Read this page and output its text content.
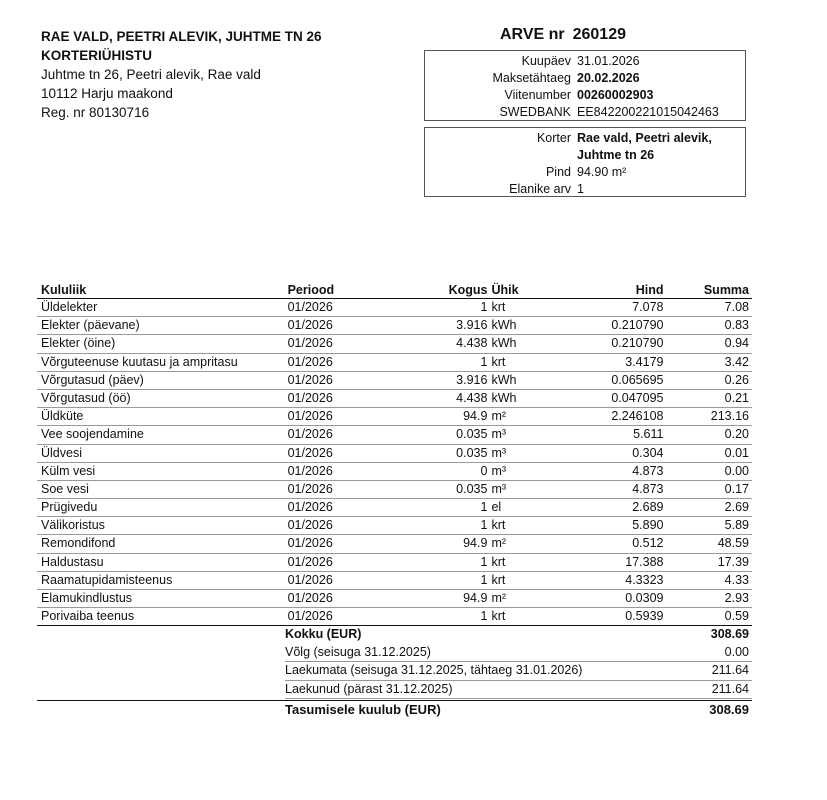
RAE VALD, PEETRI ALEVIK, JUHTME TN 26
KORTERIÜHISTU
Juhtme tn 26, Peetri alevik, Rae vald
10112 Harju maakond
Reg. nr 80130716
ARVE nr 260129
Kuupäev 31.01.2026
Maksetähtaeg 20.02.2026
Viitenumber 00260002903
SWEDBANK EE842200221015042463
Korter Rae vald, Peetri alevik,
Juhtme tn 26
Pind 94.90 m²
Elanike arv 1
Kululiik	Periood	Kogus Ühik	Hind	Summa
Üldelekter	01/2026	1 krt	7.078	7.08
Elekter (päevane)	01/2026	3.916 kWh	0.210790	0.83
Elekter (öine)	01/2026	4.438 kWh	0.210790	0.94
Võrguteenuse kuutasu ja ampritasu	01/2026	1 krt	3.4179	3.42
Võrgutasud (päev)	01/2026	3.916 kWh	0.065695	0.26
Võrgutasud (öö)	01/2026	4.438 kWh	0.047095	0.21
Üldküte	01/2026	94.9 m²	2.246108	213.16
Vee soojendamine	01/2026	0.035 m³	5.611	0.20
Üldvesi	01/2026	0.035 m³	0.304	0.01
Külm vesi	01/2026	0 m³	4.873	0.00
Soe vesi	01/2026	0.035 m³	4.873	0.17
Prügivedu	01/2026	1 el	2.689	2.69
Välikoristus	01/2026	1 krt	5.890	5.89
Remondifond	01/2026	94.9 m²	0.512	48.59
Haldustasu	01/2026	1 krt	17.388	17.39
Raamatupidamisteenus	01/2026	1 krt	4.3323	4.33
Elamukindlustus	01/2026	94.9 m²	0.0309	2.93
Porivaiba teenus	01/2026	1 krt	0.5939	0.59
Kokku (EUR)	308.69
Võlg (seisuga 31.12.2025)	0.00
Laekumata (seisuga 31.12.2025, tähtaeg 31.01.2026)	211.64
Laekunud (pärast 31.12.2025)	211.64
Tasumisele kuulub (EUR)	308.69
